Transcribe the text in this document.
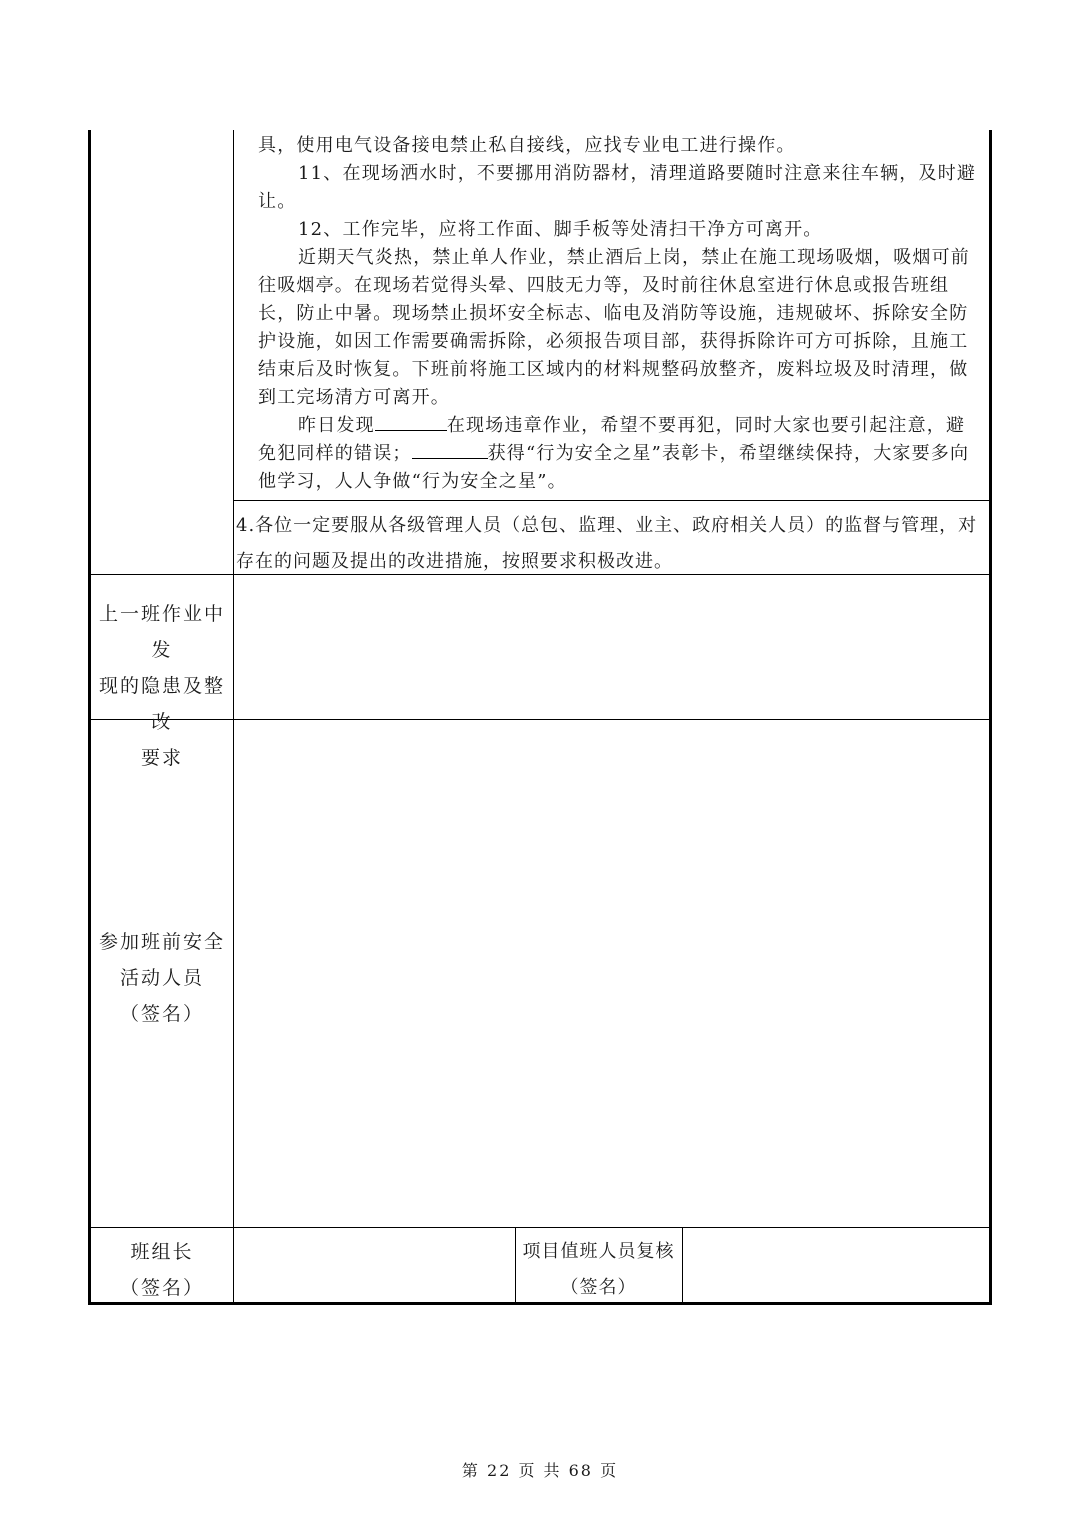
具，使用电气设备接电禁止私自接线，应找专业电工进行操作。

11、在现场洒水时，不要挪用消防器材，清理道路要随时注意来往车辆，及时避让。

12、工作完毕，应将工作面、脚手板等处清扫干净方可离开。

近期天气炎热，禁止单人作业，禁止酒后上岗，禁止在施工现场吸烟，吸烟可前往吸烟亭。在现场若觉得头晕、四肢无力等，及时前往休息室进行休息或报告班组长，防止中暑。现场禁止损坏安全标志、临电及消防等设施，违规破坏、拆除安全防护设施，如因工作需要确需拆除，必须报告项目部，获得拆除许可方可拆除，且施工结束后及时恢复。下班前将施工区域内的材料规整码放整齐，废料垃圾及时清理，做到工完场清方可离开。

昨日发现	在现场违章作业，希望不要再犯，同时大家也要引起注意，避免犯同样的错误；	获得“行为安全之星”表彰卡，希望继续保持，大家要多向他学习，人人争做“行为安全之星”。

4.各位一定要服从各级管理人员（总包、监理、业主、政府相关人员）的监督与管理，对存在的问题及提出的改进措施，按照要求积极改进。

上一班作业中发
现的隐患及整改
要求
参加班前安全
活动人员
（签名）
班组长
（签名）
项目值班人员复核
（签名）
第 22 页 共 68 页
